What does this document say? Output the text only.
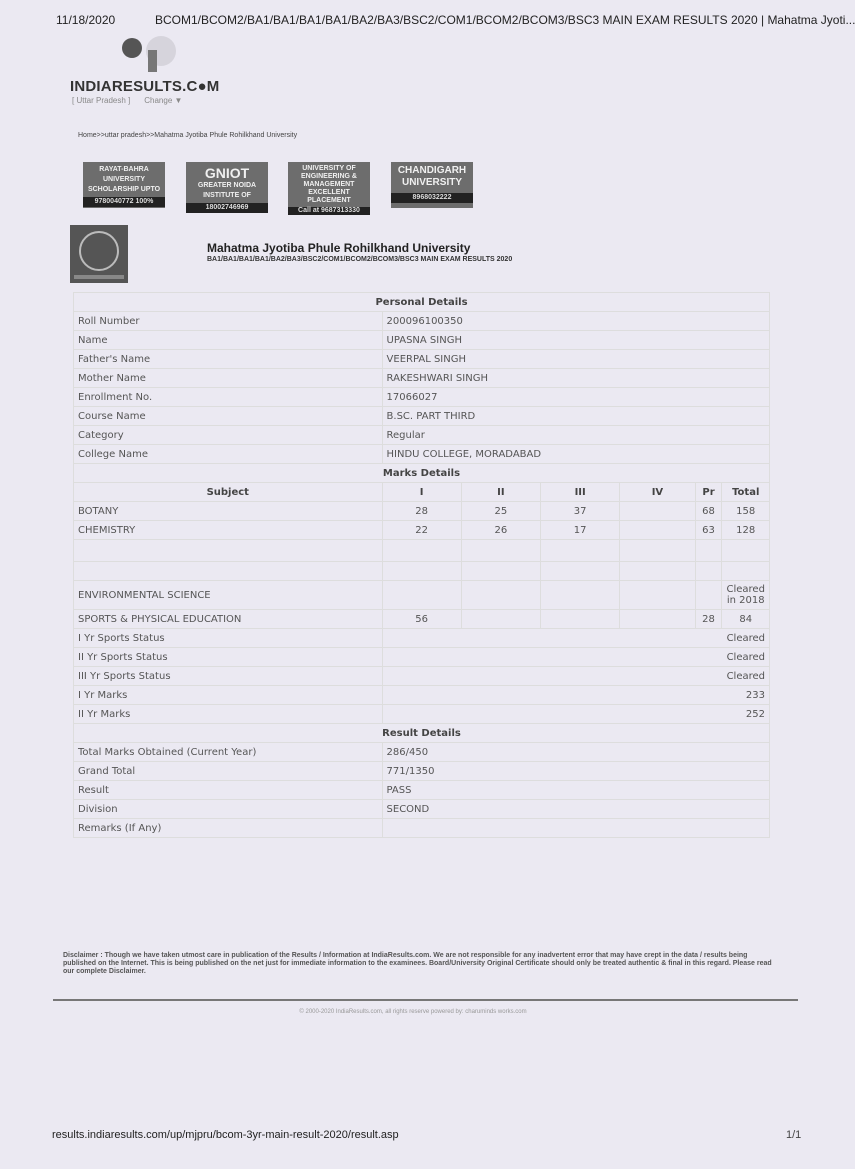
11/18/2020	BCOM1/BCOM2/BA1/BA1/BA1/BA1/BA2/BA3/BSC2/COM1/BCOM2/BCOM3/BSC3 MAIN EXAM RESULTS 2020 | Mahatma Jyoti...
INDIARESULTS.C●M
[ Uttar Pradesh ] Change ▼
Home>>uttar pradesh>>Mahatma Jyotiba Phule Rohilkhand University
RAYAT-BAHRA
UNIVERSITY
SCHOLARSHIP UPTO
9780040772 100%
GNIOT
GREATER NOIDA
INSTITUTE OF
18002746969
UNIVERSITY OF
ENGINEERING &
MANAGEMENT
EXCELLENT PLACEMENT
Call at 9687313330
CHANDIGARH
UNIVERSITY
8968032222
Mahatma Jyotiba Phule Rohilkhand University
BA1/BA1/BA1/BA1/BA2/BA3/BSC2/COM1/BCOM2/BCOM3/BSC3 MAIN EXAM RESULTS 2020
Personal Details						
Roll Number	200096100350					
Name	UPASNA SINGH					
Father's Name	VEERPAL SINGH					
Mother Name	RAKESHWARI SINGH					
Enrollment No.	17066027					
Course Name	B.SC. PART THIRD					
Category	Regular					
College Name	HINDU COLLEGE, MORADABAD					
Marks Details						
Subject	I	II	III	IV	Pr	Total
BOTANY	28	25	37		68	158
CHEMISTRY	22	26	17		63	128

ENVIRONMENTAL SCIENCE						Cleared in 2018
SPORTS & PHYSICAL EDUCATION	56				28	84
I Yr Sports Status	Cleared					
II Yr Sports Status	Cleared					
III Yr Sports Status	Cleared					
I Yr Marks	233					
II Yr Marks	252					
Result Details						
Total Marks Obtained (Current Year)	286/450					
Grand Total	771/1350					
Result	PASS					
Division	SECOND					
Remarks (If Any)						
Disclaimer : Though we have taken utmost care in publication of the Results / Information at IndiaResults.com. We are not responsible for any inadvertent error that may have crept in the data / results being published on the Internet. This is being published on the net just for immediate information to the examinees. Board/University Original Certificate should only be treated authentic & final in this regard. Please read our complete Disclaimer.
© 2000-2020 IndiaResults.com, all rights reserve powered by: charuminds works.com
results.indiaresults.com/up/mjpru/bcom-3yr-main-result-2020/result.asp	1/1
